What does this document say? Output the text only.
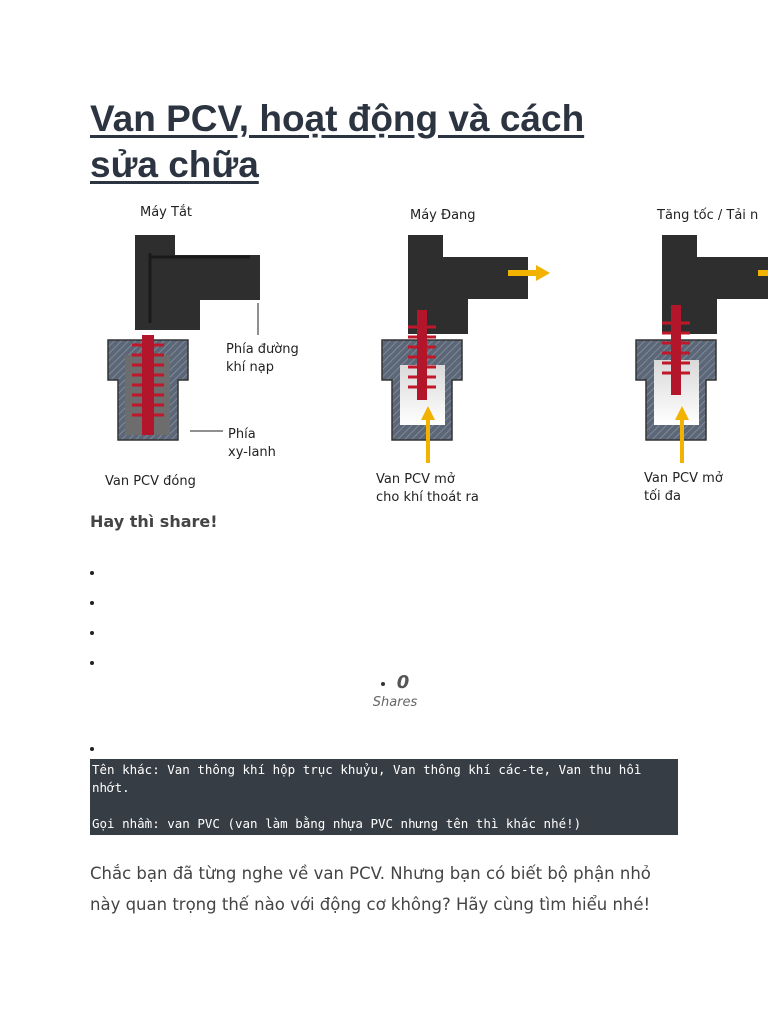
Van PCV, hoạt động và cách sửa chữa
Máy Tắt
Phía đường
khí nạp
Phía
xy-lanh
Van PCV đóng
Máy Đang
Van PCV mở
cho khí thoát ra
Tăng tốc / Tải n
Van PCV mở
tối đa

Hay thì share!

0
Shares
Tên khác: Van thông khí hộp trục khuỷu, Van thông khí các-te, Van thu hồi nhớt.

Gọi nhầm: van PVC (van làm bằng nhựa PVC nhưng tên thì khác nhé!)

Chắc bạn đã từng nghe về van PCV. Nhưng bạn có biết bộ phận nhỏ này quan trọng thế nào với động cơ không? Hãy cùng tìm hiểu nhé!
